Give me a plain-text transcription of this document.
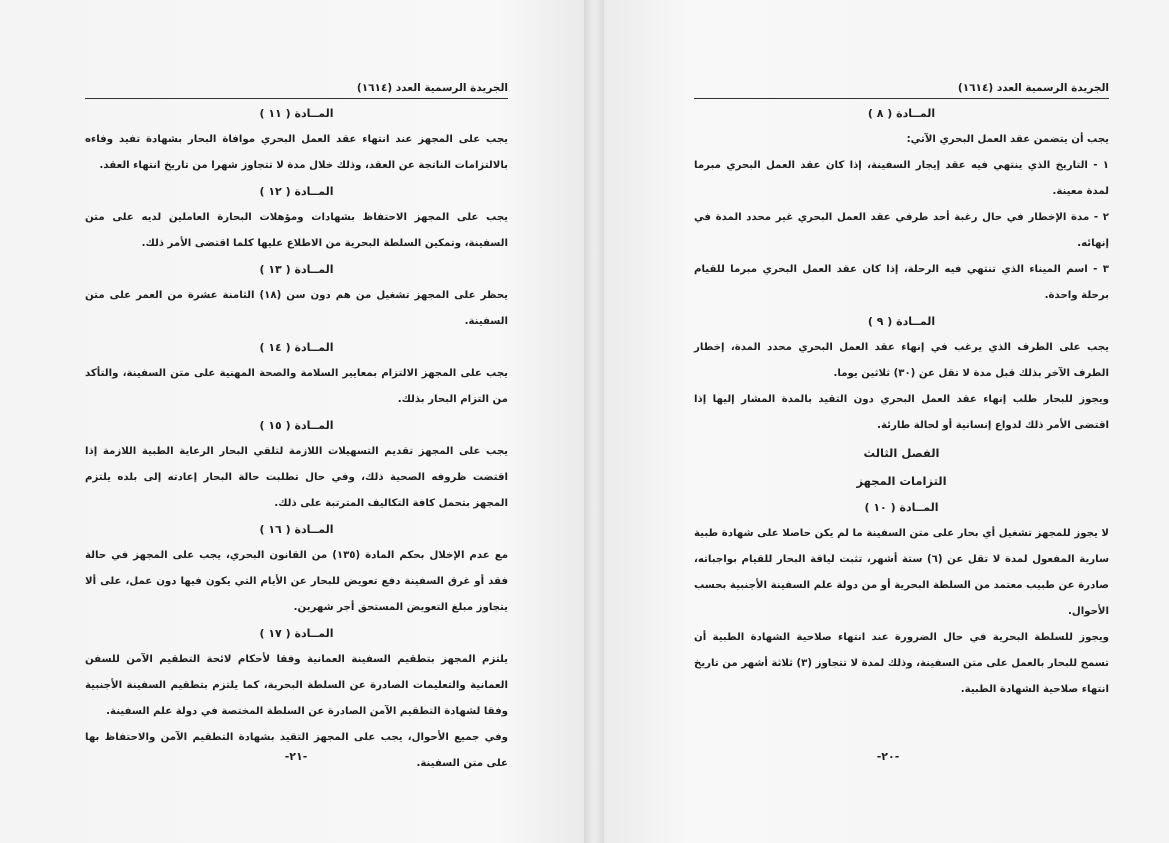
الجريدة الرسمية العدد (١٦١٤)
المــادة ( ١١ )

يجب على المجهز عند انتهاء عقد العمل البحري موافاة البحار بشهادة تفيد وفاءه بالالتزامات الناتجة عن العقد، وذلك خلال مدة لا تتجاوز شهرا من تاريخ انتهاء العقد.

المــادة ( ١٢ )

يجب على المجهز الاحتفاظ بشهادات ومؤهلات البحارة العاملين لديه على متن السفينة، وتمكين السلطة البحرية من الاطلاع عليها كلما اقتضى الأمر ذلك.

المــادة ( ١٣ )

يحظر على المجهز تشغيل من هم دون سن (١٨) الثامنة عشرة من العمر على متن السفينة.

المــادة ( ١٤ )

يجب على المجهز الالتزام بمعايير السلامة والصحة المهنية على متن السفينة، والتأكد من التزام البحار بذلك.

المــادة ( ١٥ )

يجب على المجهز تقديم التسهيلات اللازمة لتلقي البحار الرعاية الطبية اللازمة إذا اقتضت ظروفه الصحية ذلك، وفي حال تطلبت حالة البحار إعادته إلى بلده يلتزم المجهز بتحمل كافة التكاليف المترتبة على ذلك.

المــادة ( ١٦ )

مع عدم الإخلال بحكم المادة (١٣٥) من القانون البحري، يجب على المجهز في حالة فقد أو غرق السفينة دفع تعويض للبحار عن الأيام التي يكون فيها دون عمل، على ألا يتجاوز مبلغ التعويض المستحق أجر شهرين.

المــادة ( ١٧ )

يلتزم المجهز بتطقيم السفينة العمانية وفقا لأحكام لائحة التطقيم الآمن للسفن العمانية والتعليمات الصادرة عن السلطة البحرية، كما يلتزم بتطقيم السفينة الأجنبية وفقا لشهادة التطقيم الآمن الصادرة عن السلطة المختصة في دولة علم السفينة.

وفي جميع الأحوال، يجب على المجهز التقيد بشهادة التطقيم الآمن والاحتفاظ بها على متن السفينة.

-٢١-
الجريدة الرسمية العدد (١٦١٤)
المــادة ( ٨ )

يجب أن يتضمن عقد العمل البحري الآتي:

١ - التاريخ الذي ينتهي فيه عقد إيجار السفينة، إذا كان عقد العمل البحري مبرما لمدة معينة.

٢ - مدة الإخطار في حال رغبة أحد طرفي عقد العمل البحري غير محدد المدة في إنهائه.

٣ - اسم الميناء الذي تنتهي فيه الرحلة، إذا كان عقد العمل البحري مبرما للقيام برحلة واحدة.

المــادة ( ٩ )

يجب على الطرف الذي يرغب في إنهاء عقد العمل البحري محدد المدة، إخطار الطرف الآخر بذلك قبل مدة لا تقل عن (٣٠) ثلاثين يوما.

ويجوز للبحار طلب إنهاء عقد العمل البحري دون التقيد بالمدة المشار إليها إذا اقتضى الأمر ذلك لدواع إنسانية أو لحالة طارئة.

الفصل الثالث
التزامات المجهز
المــادة ( ١٠ )

لا يجوز للمجهز تشغيل أي بحار على متن السفينة ما لم يكن حاصلا على شهادة طبية سارية المفعول لمدة لا تقل عن (٦) ستة أشهر، تثبت لياقة البحار للقيام بواجباته، صادرة عن طبيب معتمد من السلطة البحرية أو من دولة علم السفينة الأجنبية بحسب الأحوال.

ويجوز للسلطة البحرية في حال الضرورة عند انتهاء صلاحية الشهادة الطبية أن تسمح للبحار بالعمل على متن السفينة، وذلك لمدة لا تتجاوز (٣) ثلاثة أشهر من تاريخ انتهاء صلاحية الشهادة الطبية.

-٢٠-
